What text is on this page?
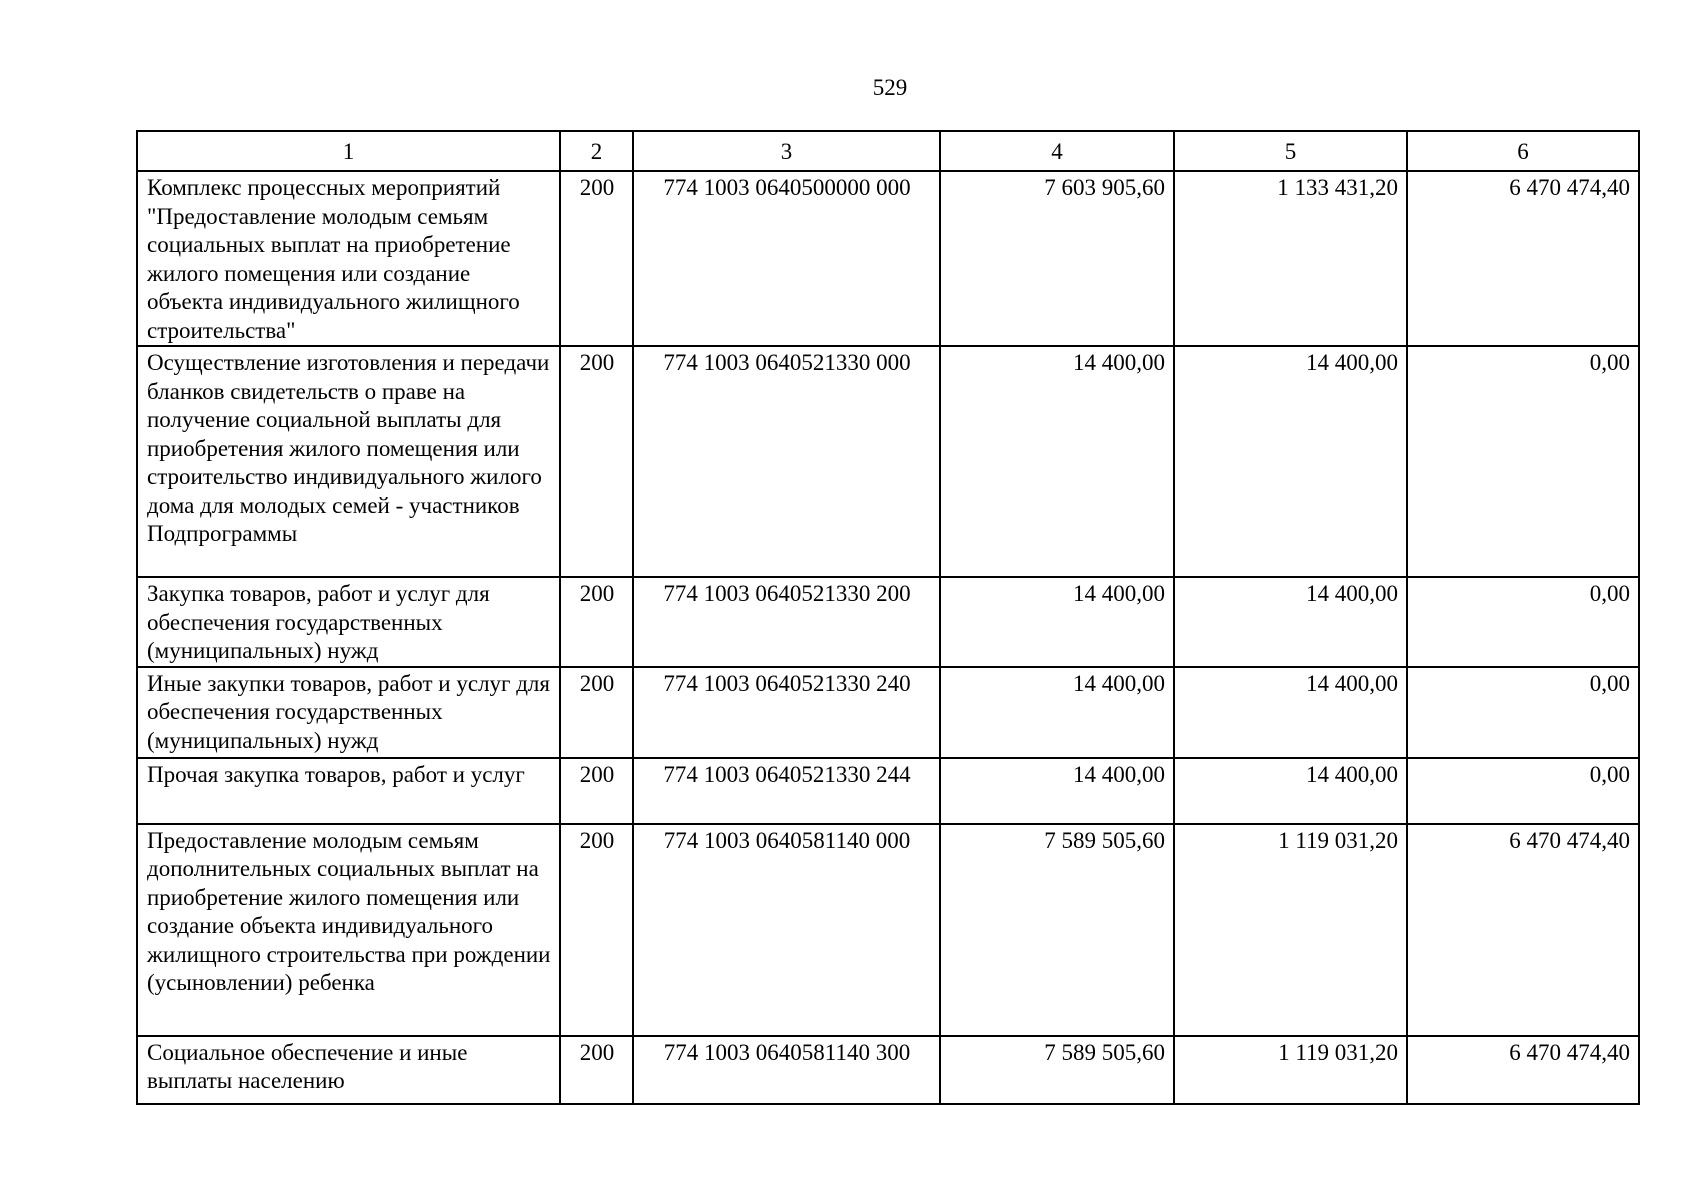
529
1	2	3	4	5	6
Комплекс процессных мероприятий "Предоставление молодым семьям социальных выплат на приобретение жилого помещения или создание объекта индивидуального жилищного строительства"	200	774 1003 0640500000 000	7 603 905,60	1 133 431,20	6 470 474,40
Осуществление изготовления и передачи бланков свидетельств о праве на получение социальной выплаты для приобретения жилого помещения или строительство индивидуального жилого дома для молодых семей - участников Подпрограммы	200	774 1003 0640521330 000	14 400,00	14 400,00	0,00
Закупка товаров, работ и услуг для обеспечения государственных (муниципальных) нужд	200	774 1003 0640521330 200	14 400,00	14 400,00	0,00
Иные закупки товаров, работ и услуг для обеспечения государственных (муниципальных) нужд	200	774 1003 0640521330 240	14 400,00	14 400,00	0,00
Прочая закупка товаров, работ и услуг	200	774 1003 0640521330 244	14 400,00	14 400,00	0,00
Предоставление молодым семьям дополнительных социальных выплат на приобретение жилого помещения или создание объекта индивидуального жилищного строительства при рождении (усыновлении) ребенка	200	774 1003 0640581140 000	7 589 505,60	1 119 031,20	6 470 474,40
Социальное обеспечение и иные выплаты населению	200	774 1003 0640581140 300	7 589 505,60	1 119 031,20	6 470 474,40
